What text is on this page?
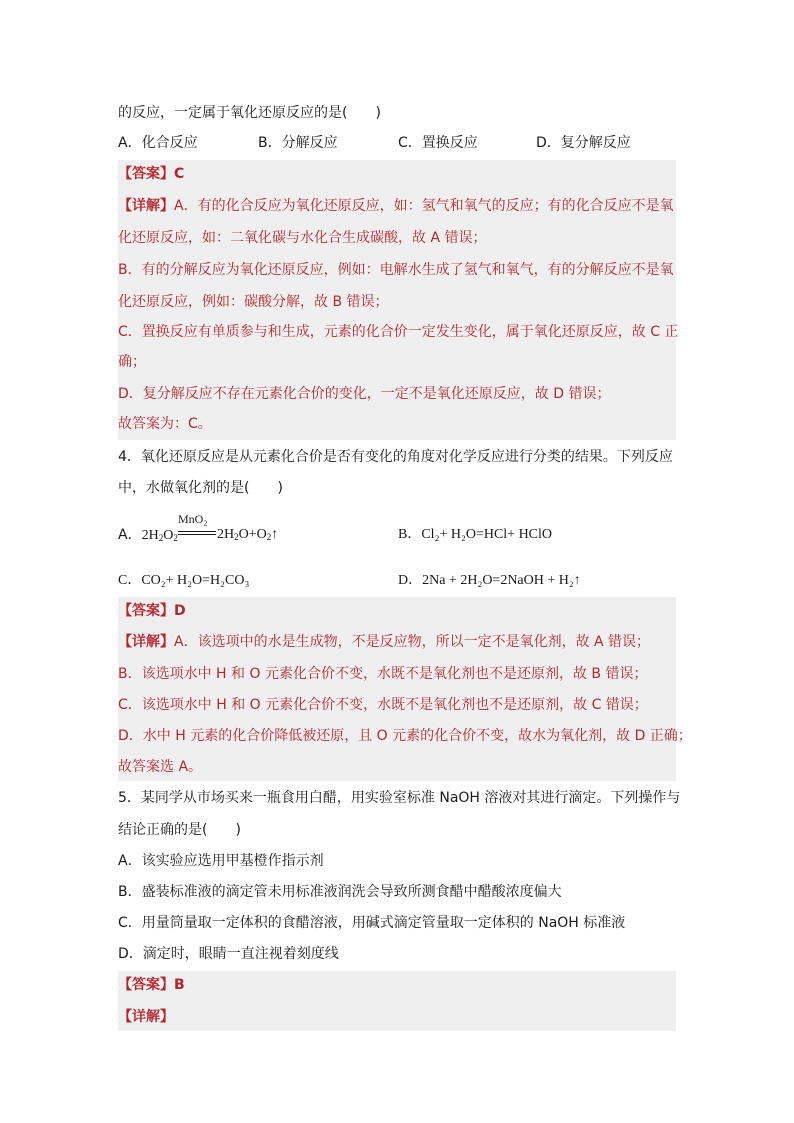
的反应，一定属于氧化还原反应的是(　　)
A．化合反应	B．分解反应	C．置换反应	D．复分解反应
【答案】C
【详解】A．有的化合反应为氧化还原反应，如：氢气和氧气的反应；有的化合反应不是氧
化还原反应，如：二氧化碳与水化合生成碳酸，故 A 错误；
B．有的分解反应为氧化还原反应，例如：电解水生成了氢气和氧气，有的分解反应不是氧
化还原反应，例如：碳酸分解，故 B 错误；
C．置换反应有单质参与和生成，元素的化合价一定发生变化，属于氧化还原反应，故 C 正
确；
D．复分解反应不存在元素化合价的变化，一定不是氧化还原反应，故 D 错误；
故答案为：C。
4．氧化还原反应是从元素化合价是否有变化的角度对化学反应进行分类的结果。下列反应
中，水做氧化剂的是(　　)
A．$2H_2O_2$
MnO₂
$2H_2O+O_2↑$	B．Cl₂+ H₂O=HCl+ HClO
C．CO₂+ H₂O=H₂CO₃	D．2Na + 2H₂O=2NaOH + H₂↑
【答案】D
【详解】A．该选项中的水是生成物，不是反应物，所以一定不是氧化剂，故 A 错误；
B．该选项水中 H 和 O 元素化合价不变，水既不是氧化剂也不是还原剂，故 B 错误；
C．该选项水中 H 和 O 元素化合价不变，水既不是氧化剂也不是还原剂，故 C 错误；
D．水中 H 元素的化合价降低被还原，且 O 元素的化合价不变，故水为氧化剂，故 D 正确；
故答案选 A。
5．某同学从市场买来一瓶食用白醋，用实验室标准 NaOH 溶液对其进行滴定。下列操作与
结论正确的是(　　)
A．该实验应选用甲基橙作指示剂
B．盛装标准液的滴定管未用标准液润洗会导致所测食醋中醋酸浓度偏大
C．用量筒量取一定体积的食醋溶液，用碱式滴定管量取一定体积的 NaOH 标准液
D．滴定时，眼睛一直注视着刻度线
【答案】B
【详解】
